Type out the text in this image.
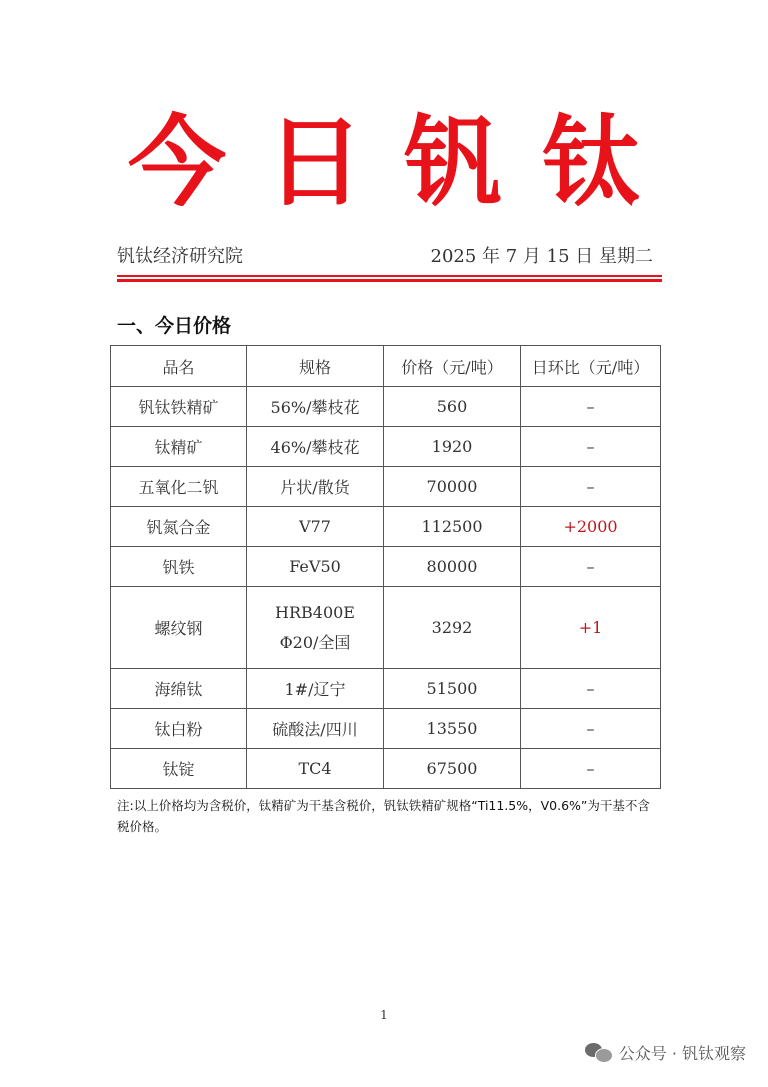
今 日 钒 钛
钒钛经济研究院	2025 年 7 月 15 日 星期二
一、今日价格
品名	规格	价格（元/吨）	日环比（元/吨）
钒钛铁精矿	56%/攀枝花	560	–
钛精矿	46%/攀枝花	1920	–
五氧化二钒	片状/散货	70000	–
钒氮合金	V77	112500	+2000
钒铁	FeV50	80000	–
螺纹钢	HRB400E
Φ20/全国	3292	+1
海绵钛	1#/辽宁	51500	–
钛白粉	硫酸法/四川	13550	–
钛锭	TC4	67500	–
注:以上价格均为含税价，钛精矿为干基含税价，钒钛铁精矿规格“Ti11.5%，V0.6%”为干基不含税价格。
1
公众号 · 钒钛观察
